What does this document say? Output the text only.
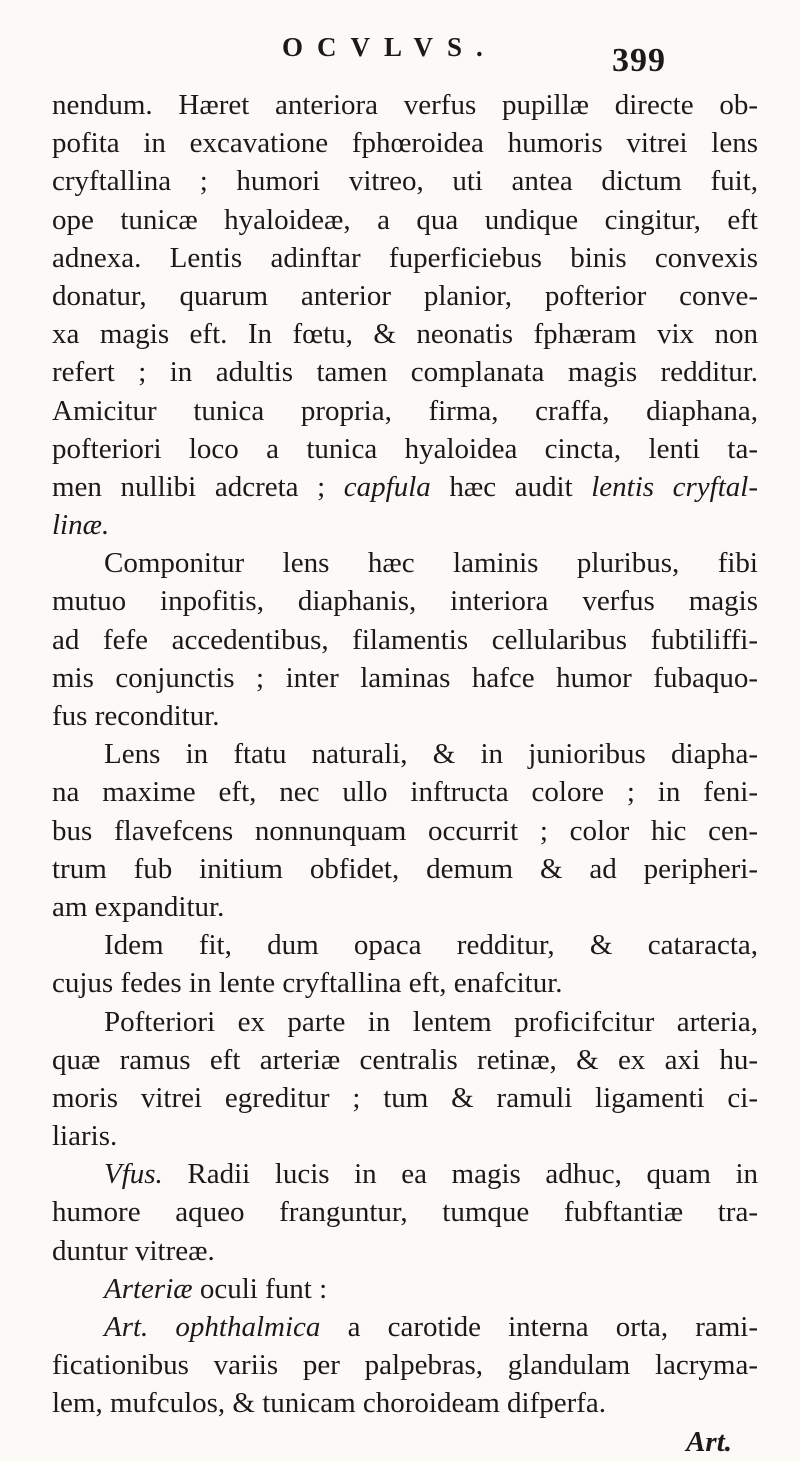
OCVLVS.	399
nendum. Hæret anteriora verfus pupillæ directe ob-
pofita in excavatione fphœroidea humoris vitrei lens
cryftallina ; humori vitreo, uti antea dictum fuit,
ope tunicæ hyaloideæ, a qua undique cingitur, eft
adnexa. Lentis adinftar fuperficiebus binis convexis
donatur, quarum anterior planior, pofterior conve-
xa magis eft. In fœtu, & neonatis fphæram vix non
refert ; in adultis tamen complanata magis redditur.
Amicitur tunica propria, firma, craffa, diaphana,
pofteriori loco a tunica hyaloidea cincta, lenti ta-
men nullibi adcreta ; capfula hæc audit lentis cryftal-
linæ.
Componitur lens hæc laminis pluribus, fibi
mutuo inpofitis, diaphanis, interiora verfus magis
ad fefe accedentibus, filamentis cellularibus fubtiliffi-
mis conjunctis ; inter laminas hafce humor fubaquo-
fus reconditur.
Lens in ftatu naturali, & in junioribus diapha-
na maxime eft, nec ullo inftructa colore ; in feni-
bus flavefcens nonnunquam occurrit ; color hic cen-
trum fub initium obfidet, demum & ad peripheri-
am expanditur.
Idem fit, dum opaca redditur, & cataracta,
cujus fedes in lente cryftallina eft, enafcitur.
Pofteriori ex parte in lentem proficifcitur arteria,
quæ ramus eft arteriæ centralis retinæ, & ex axi hu-
moris vitrei egreditur ; tum & ramuli ligamenti ci-
liaris.
Vfus. Radii lucis in ea magis adhuc, quam in
humore aqueo franguntur, tumque fubftantiæ tra-
duntur vitreæ.
Arteriæ oculi funt :
Art. ophthalmica a carotide interna orta, rami-
ficationibus variis per palpebras, glandulam lacryma-
lem, mufculos, & tunicam choroideam difperfa.
Art.
